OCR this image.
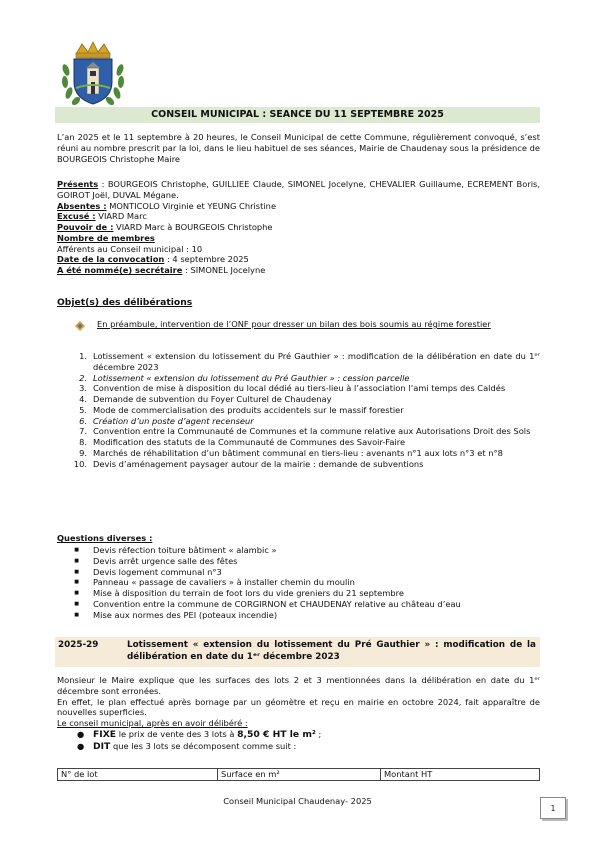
CONSEIL MUNICIPAL : SEANCE DU 11 SEPTEMBRE 2025
L’an 2025 et le 11 septembre à 20 heures, le Conseil Municipal de cette Commune, régulièrement convoqué, s’est réuni au nombre prescrit par la loi, dans le lieu habituel de ses séances, Mairie de Chaudenay sous la présidence de BOURGEOIS Christophe Maire
Présents : BOURGEOIS Christophe, GUILLIEE Claude, SIMONEL Jocelyne, CHEVALIER Guillaume, ECREMENT Boris, GOIROT Joël, DUVAL Mégane.
Absentes : MONTICOLO Virginie et YEUNG Christine
Excusé : VIARD Marc
Pouvoir de : VIARD Marc à BOURGEOIS Christophe
Nombre de membres
Afférents au Conseil municipal : 10
Date de la convocation : 4 septembre 2025
A été nommé(e) secrétaire : SIMONEL Jocelyne
Objet(s) des délibérations
En préambule, intervention de l’ONF pour dresser un bilan des bois soumis au régime forestier
1. Lotissement « extension du lotissement du Pré Gauthier » : modification de la délibération en date du 1ᵉʳ décembre 2023
2. Lotissement « extension du lotissement du Pré Gauthier » : cession parcelle
3. Convention de mise à disposition du local dédié au tiers-lieu à l’association l’ami temps des Caldés
4. Demande de subvention du Foyer Culturel de Chaudenay
5. Mode de commercialisation des produits accidentels sur le massif forestier
6. Création d’un poste d’agent recenseur
7. Convention entre la Communauté de Communes et la commune relative aux Autorisations Droit des Sols
8. Modification des statuts de la Communauté de Communes des Savoir-Faire
9. Marchés de réhabilitation d’un bâtiment communal en tiers-lieu : avenants n°1 aux lots n°3 et n°8
10. Devis d’aménagement paysager autour de la mairie : demande de subventions
Questions diverses :
■	Devis réfection toiture bâtiment « alambic »
■	Devis arrêt urgence salle des fêtes
■	Devis logement communal n°3
■	Panneau « passage de cavaliers » à installer chemin du moulin
■	Mise à disposition du terrain de foot lors du vide greniers du 21 septembre
■	Convention entre la commune de CORGIRNON et CHAUDENAY relative au château d’eau
■	Mise aux normes des PEI (poteaux incendie)
2025-29	Lotissement « extension du lotissement du Pré Gauthier » : modification de la délibération en date du 1ᵉʳ décembre 2023
Monsieur le Maire explique que les surfaces des lots 2 et 3 mentionnées dans la délibération en date du 1ᵉʳ décembre sont erronées.
En effet, le plan effectué après bornage par un géomètre et reçu en mairie en octobre 2024, fait apparaître de nouvelles superficies.
Le conseil municipal, après en avoir délibéré :
● FIXE le prix de vente des 3 lots à 8,50 € HT le m² ;
● DIT que les 3 lots se décomposent comme suit :
N° de lot	Surface en m²	Montant HT
Conseil Municipal Chaudenay- 2025
1
